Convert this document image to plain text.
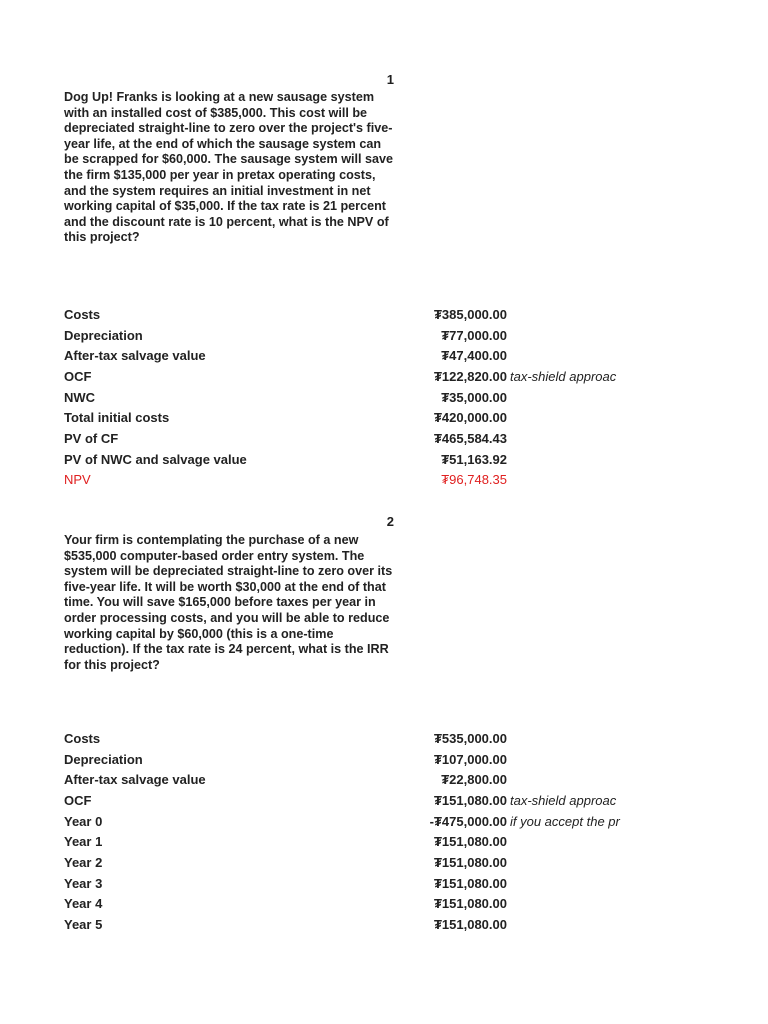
1
Dog Up! Franks is looking at a new sausage system with an installed cost of $385,000. This cost will be depreciated straight-line to zero over the project's five-year life, at the end of which the sausage system can be scrapped for $60,000. The sausage system will save the firm $135,000 per year in pretax operating costs, and the system requires an initial investment in net working capital of $35,000. If the tax rate is 21 percent and the discount rate is 10 percent, what is the NPV of this project?
Costs	₮385,000.00
Depreciation	₮77,000.00
After-tax salvage value	₮47,400.00
OCF	₮122,820.00 tax-shield approac
NWC	₮35,000.00
Total initial costs	₮420,000.00
PV of CF	₮465,584.43
PV of NWC and salvage value	₮51,163.92
NPV	₮96,748.35
2
Your firm is contemplating the purchase of a new $535,000 computer-based order entry system. The system will be depreciated straight-line to zero over its five-year life. It will be worth $30,000 at the end of that time. You will save $165,000 before taxes per year in order processing costs, and you will be able to reduce working capital by $60,000 (this is a one-time reduction). If the tax rate is 24 percent, what is the IRR for this project?
Costs	₮535,000.00
Depreciation	₮107,000.00
After-tax salvage value	₮22,800.00
OCF	₮151,080.00 tax-shield approac
Year 0	-₮475,000.00 if you accept the pr
Year 1	₮151,080.00
Year 2	₮151,080.00
Year 3	₮151,080.00
Year 4	₮151,080.00
Year 5	₮151,080.00
